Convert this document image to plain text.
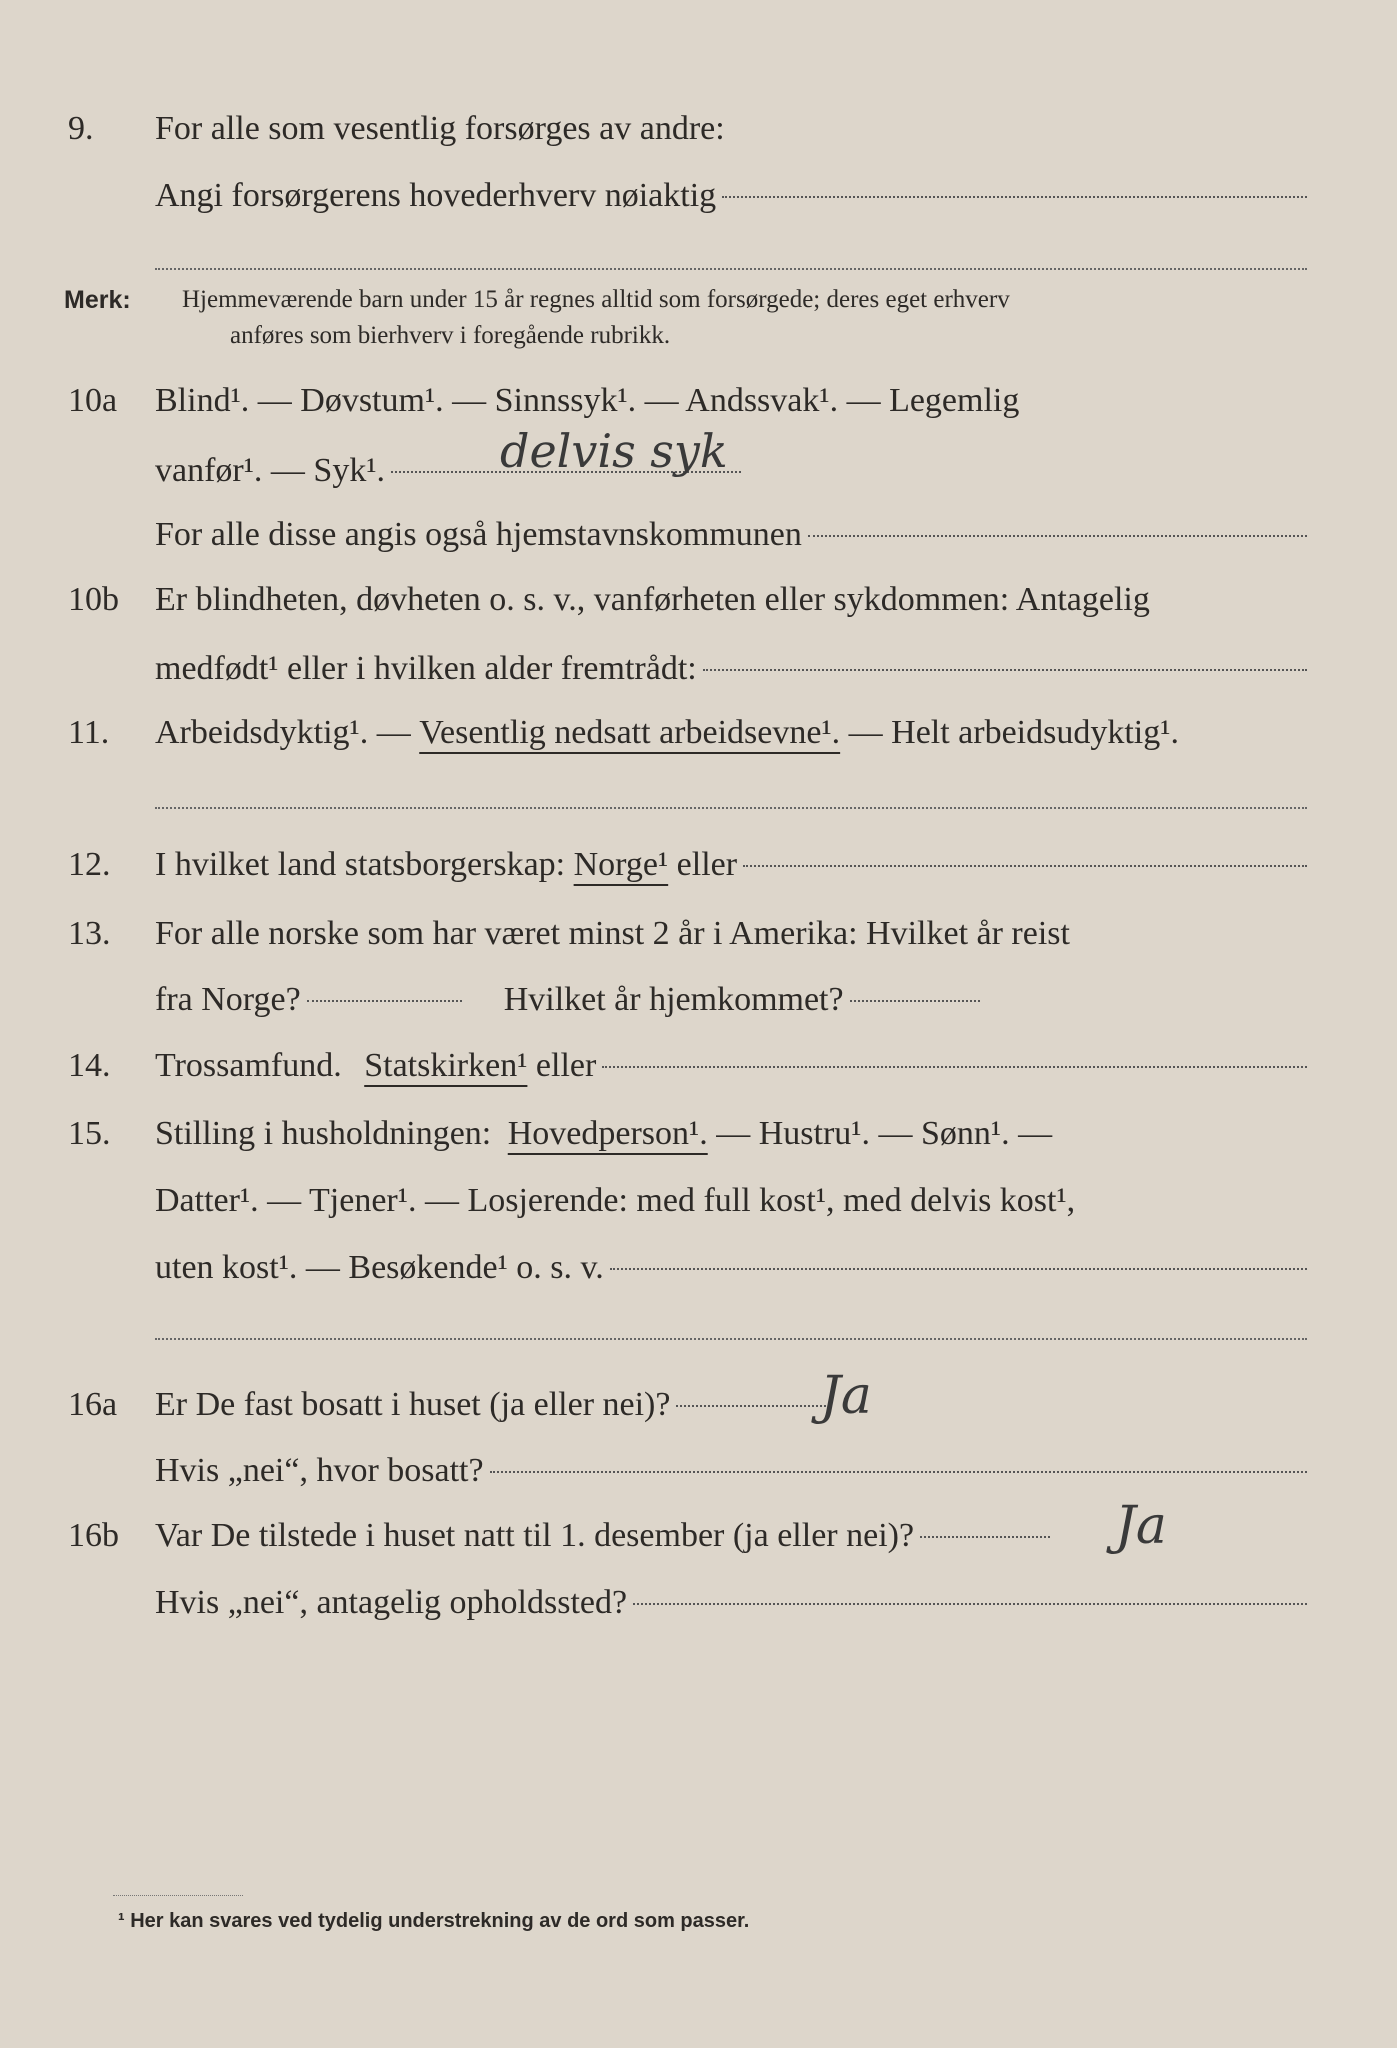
9. For alle som vesentlig forsørges av andre:
Angi forsørgerens hovederhverv nøiaktig
Merk: Hjemmeværende barn under 15 år regnes alltid som forsørgede; deres eget erhverv
anføres som bierhverv i foregående rubrikk.
10a Blind¹. — Døvstum¹. — Sinnssyk¹. — Andssvak¹. — Legemlig
vanfør¹. — Syk¹. delvis syk
For alle disse angis også hjemstavnskommunen
10b Er blindheten, døvheten o. s. v., vanførheten eller sykdommen: Antagelig
medfødt¹ eller i hvilken alder fremtrådt:
11. Arbeidsdyktig¹. — Vesentlig nedsatt arbeidsevne¹. — Helt arbeidsudyktig¹.
12. I hvilket land statsborgerskap: Norge¹ eller
13. For alle norske som har været minst 2 år i Amerika: Hvilket år reist
fra Norge?	Hvilket år hjemkommet?
14. Trossamfund. Statskirken¹ eller
15. Stilling i husholdningen: Hovedperson¹. — Hustru¹. — Sønn¹. —
Datter¹. — Tjener¹. — Losjerende: med full kost¹, med delvis kost¹,
uten kost¹. — Besøkende¹ o. s. v.
16a Er De fast bosatt i huset (ja eller nei)?	Ja
Hvis „nei“, hvor bosatt?
16b Var De tilstede i huset natt til 1. desember (ja eller nei)?	Ja
Hvis „nei“, antagelig opholdssted?
¹ Her kan svares ved tydelig understrekning av de ord som passer.
